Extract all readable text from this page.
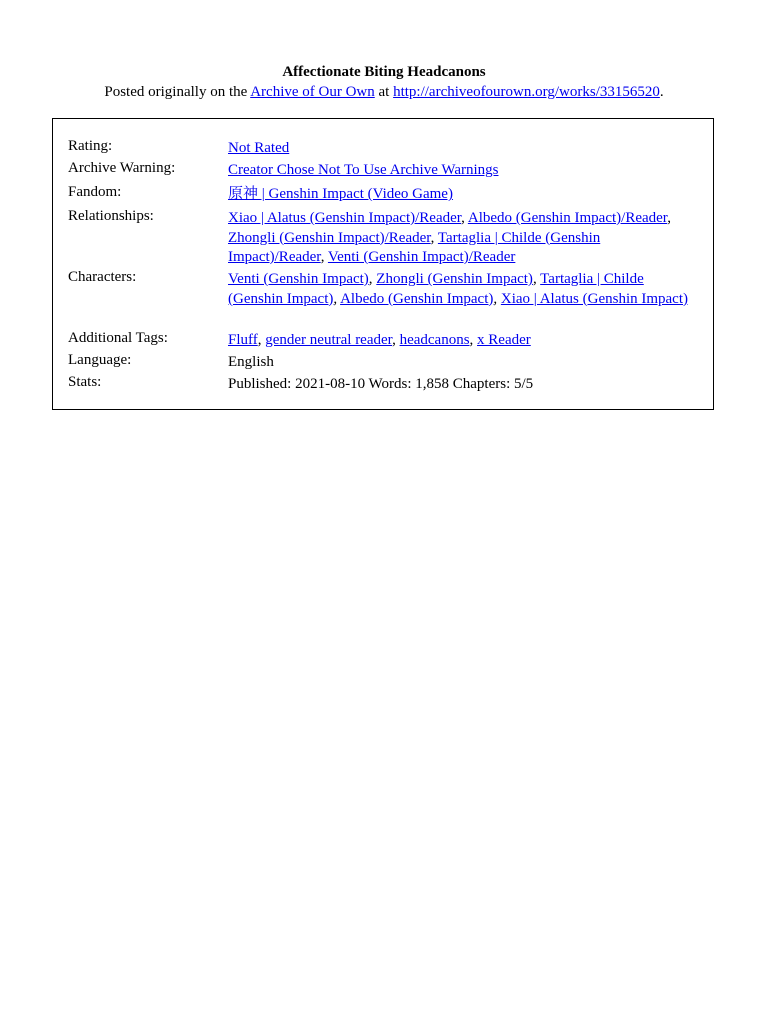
Affectionate Biting Headcanons
Posted originally on the Archive of Our Own at http://archiveofourown.org/works/33156520.
Rating:	Not Rated
Archive Warning:	Creator Chose Not To Use Archive Warnings
Fandom:	原神 | Genshin Impact (Video Game)
Relationships:	Xiao | Alatus (Genshin Impact)/Reader, Albedo (Genshin Impact)/Reader, Zhongli (Genshin Impact)/Reader, Tartaglia | Childe (Genshin Impact)/Reader, Venti (Genshin Impact)/Reader
Characters:	Venti (Genshin Impact), Zhongli (Genshin Impact), Tartaglia | Childe (Genshin Impact), Albedo (Genshin Impact), Xiao | Alatus (Genshin Impact)
Additional Tags:	Fluff, gender neutral reader, headcanons, x Reader
Language:	English
Stats:	Published: 2021-08-10 Words: 1,858 Chapters: 5/5
